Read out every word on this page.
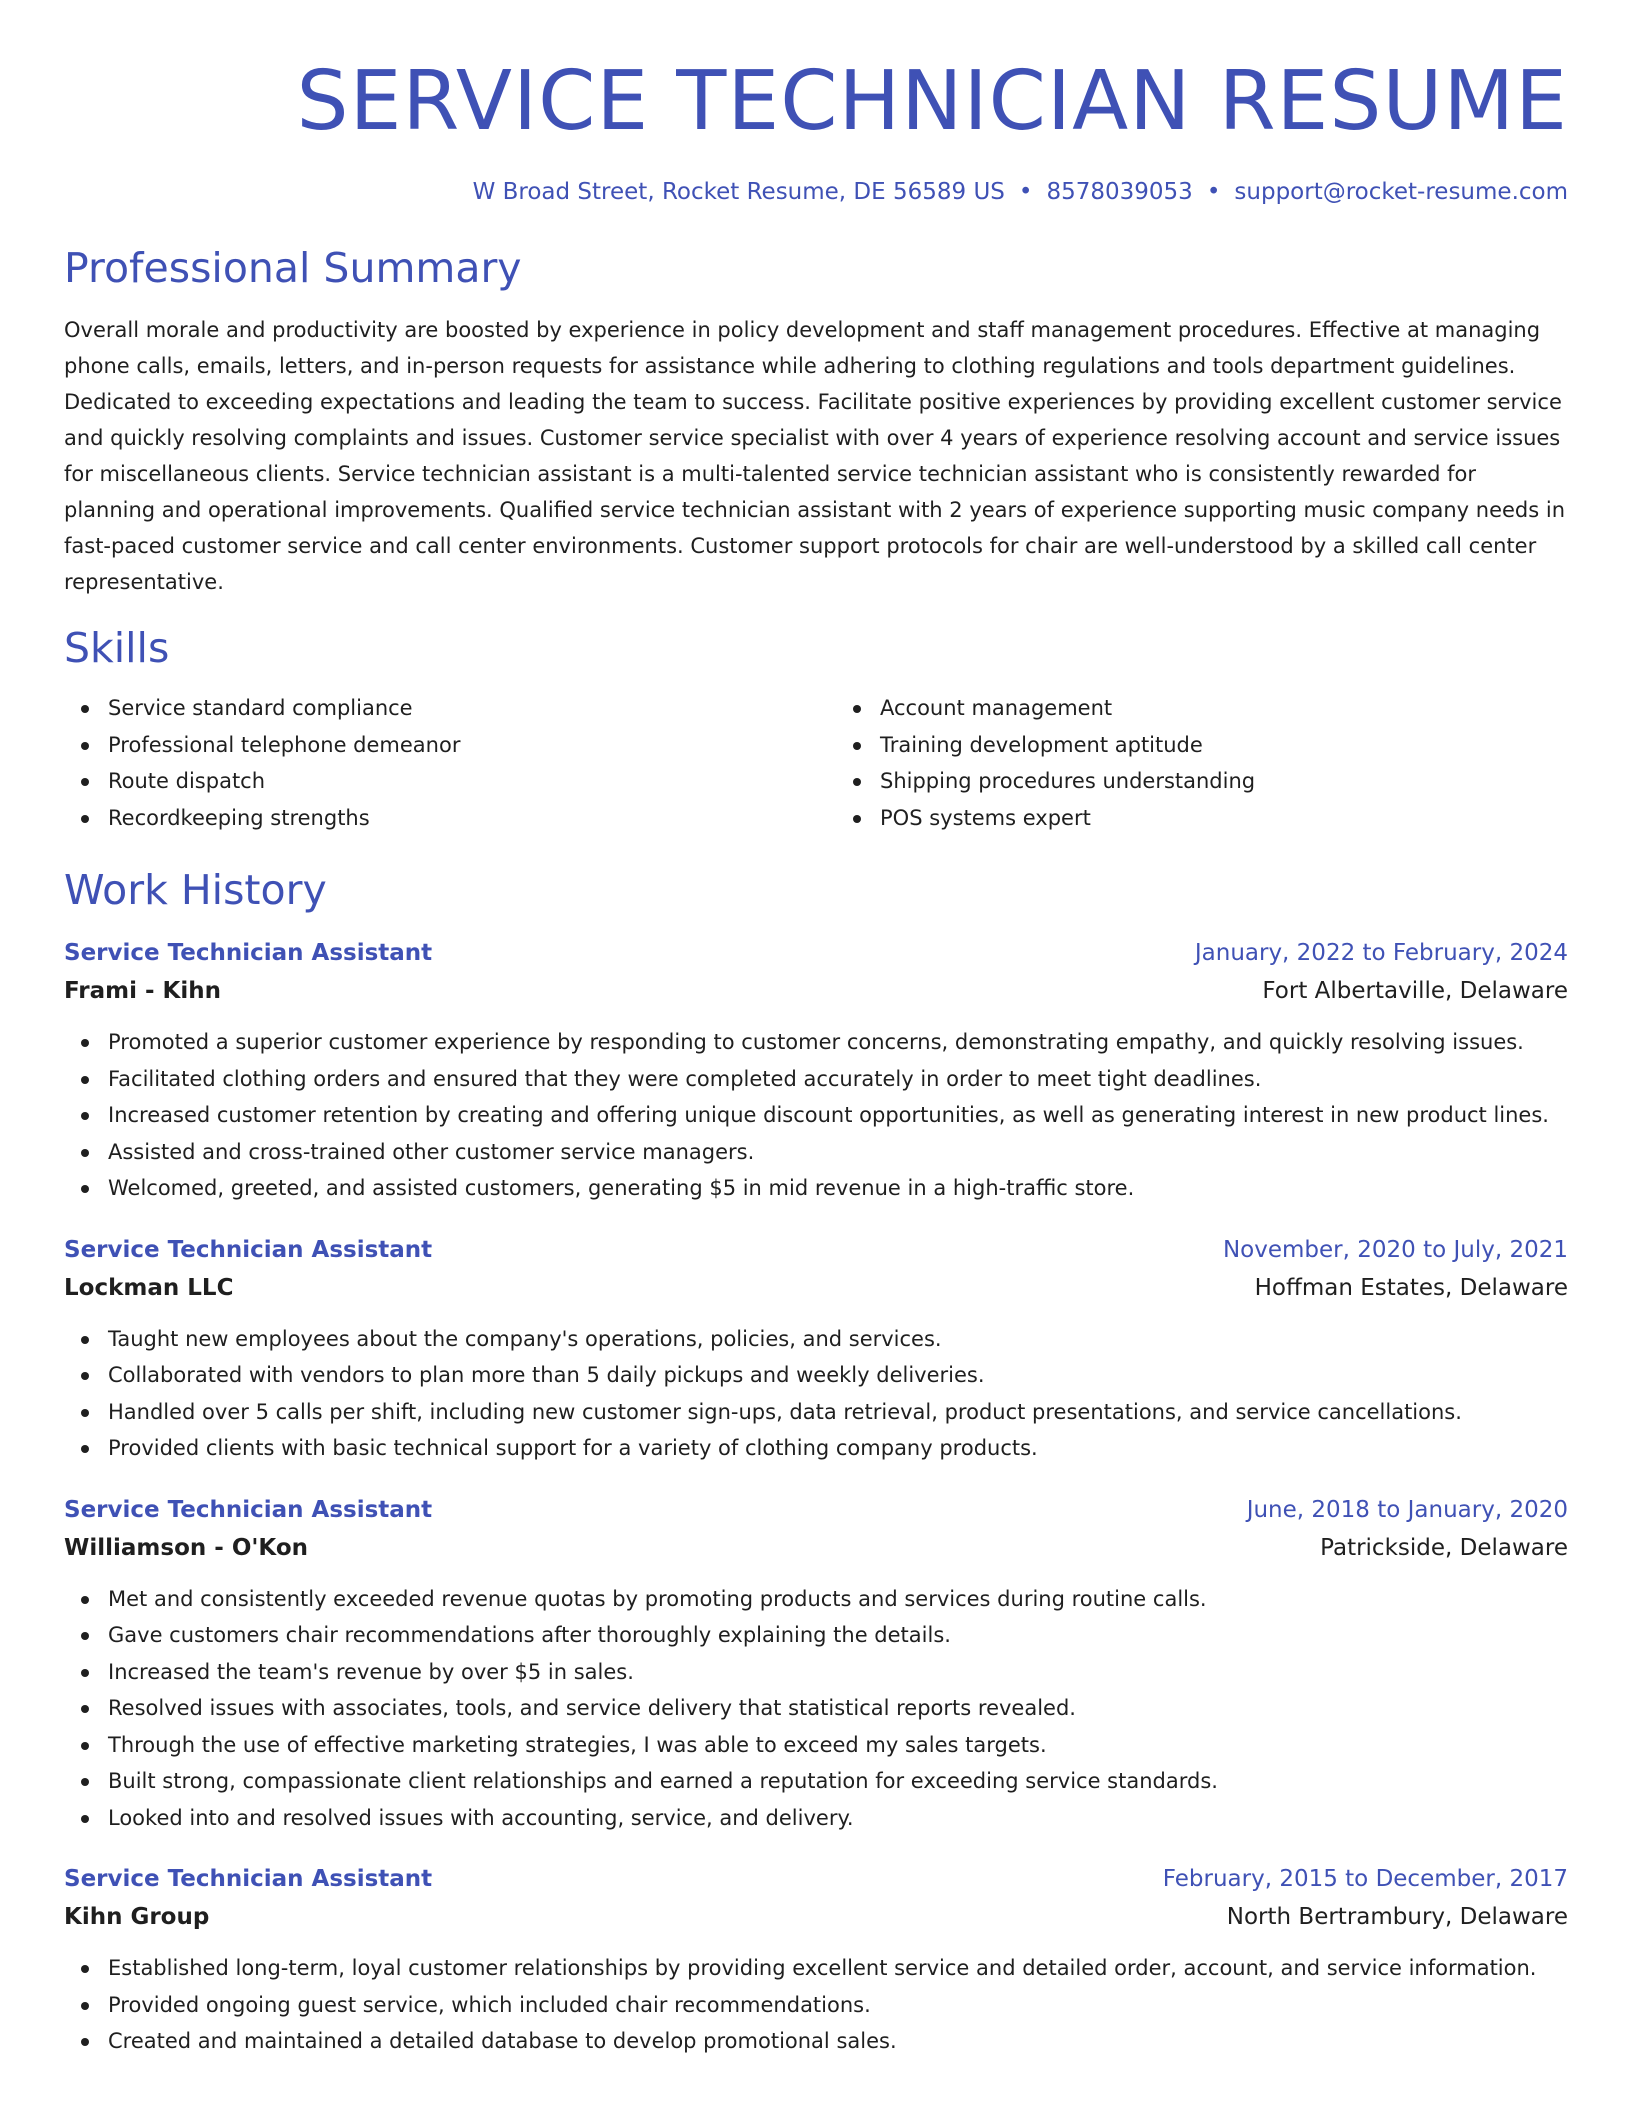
SERVICE TECHNICIAN RESUME
W Broad Street, Rocket Resume, DE 56589 US • 8578039053 • support@rocket-resume.com
Professional Summary

Overall morale and productivity are boosted by experience in policy development and staff management procedures. Effective at managing phone calls, emails, letters, and in-person requests for assistance while adhering to clothing regulations and tools department guidelines. Dedicated to exceeding expectations and leading the team to success. Facilitate positive experiences by providing excellent customer service and quickly resolving complaints and issues. Customer service specialist with over 4 years of experience resolving account and service issues for miscellaneous clients. Service technician assistant is a multi-talented service technician assistant who is consistently rewarded for planning and operational improvements. Qualified service technician assistant with 2 years of experience supporting music company needs in fast-paced customer service and call center environments. Customer support protocols for chair are well-understood by a skilled call center representative.

Skills
Service standard compliance
Professional telephone demeanor
Route dispatch
Recordkeeping strengths
Account management
Training development aptitude
Shipping procedures understanding
POS systems expert
Work History
Service Technician Assistant	January, 2022 to February, 2024
Frami - Kihn	Fort Albertaville, Delaware
Promoted a superior customer experience by responding to customer concerns, demonstrating empathy, and quickly resolving issues.
Facilitated clothing orders and ensured that they were completed accurately in order to meet tight deadlines.
Increased customer retention by creating and offering unique discount opportunities, as well as generating interest in new product lines.
Assisted and cross-trained other customer service managers.
Welcomed, greeted, and assisted customers, generating $5 in mid revenue in a high-traffic store.
Service Technician Assistant	November, 2020 to July, 2021
Lockman LLC	Hoffman Estates, Delaware
Taught new employees about the company's operations, policies, and services.
Collaborated with vendors to plan more than 5 daily pickups and weekly deliveries.
Handled over 5 calls per shift, including new customer sign-ups, data retrieval, product presentations, and service cancellations.
Provided clients with basic technical support for a variety of clothing company products.
Service Technician Assistant	June, 2018 to January, 2020
Williamson - O'Kon	Patrickside, Delaware
Met and consistently exceeded revenue quotas by promoting products and services during routine calls.
Gave customers chair recommendations after thoroughly explaining the details.
Increased the team's revenue by over $5 in sales.
Resolved issues with associates, tools, and service delivery that statistical reports revealed.
Through the use of effective marketing strategies, I was able to exceed my sales targets.
Built strong, compassionate client relationships and earned a reputation for exceeding service standards.
Looked into and resolved issues with accounting, service, and delivery.
Service Technician Assistant	February, 2015 to December, 2017
Kihn Group	North Bertrambury, Delaware
Established long-term, loyal customer relationships by providing excellent service and detailed order, account, and service information.
Provided ongoing guest service, which included chair recommendations.
Created and maintained a detailed database to develop promotional sales.
